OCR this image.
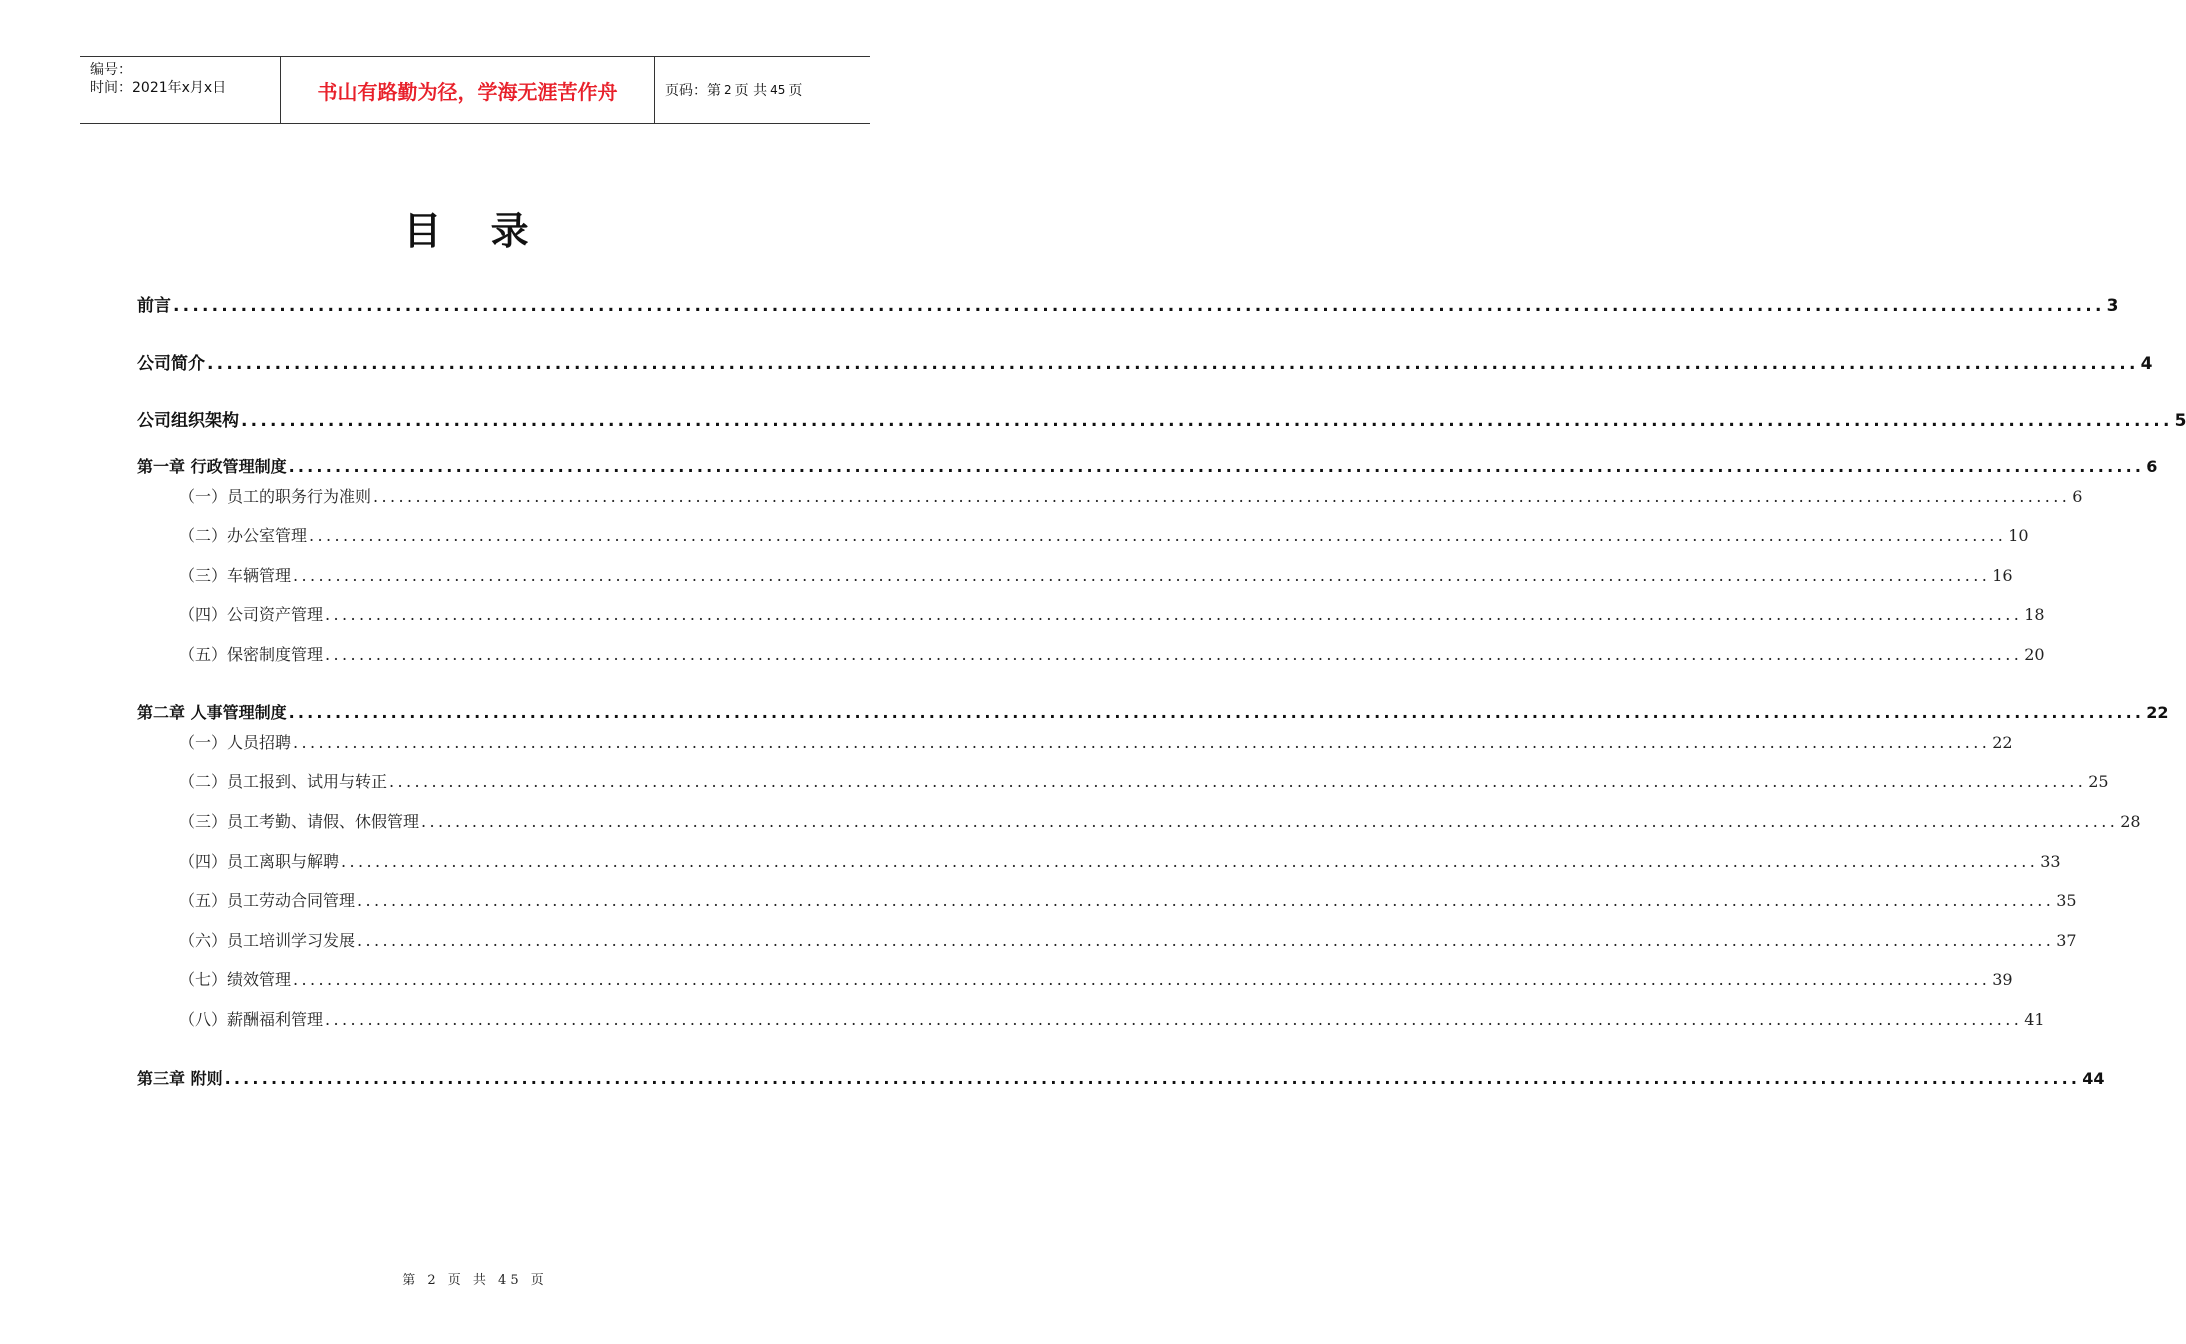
编号：
时间：2021年x月x日	书山有路勤为径，学海无涯苦作舟	页码：第 2 页 共 45 页
目 录
前言 ........................................................................................................................................................................................................ 3
公司简介 ........................................................................................................................................................................................................ 4
公司组织架构 ........................................................................................................................................................................................................ 5
第一章 行政管理制度 ........................................................................................................................................................................................................ 6
（一）员工的职务行为准则 ........................................................................................................................................................................................................ 6
（二）办公室管理 ........................................................................................................................................................................................................ 10
（三）车辆管理 ........................................................................................................................................................................................................ 16
（四）公司资产管理 ........................................................................................................................................................................................................ 18
（五）保密制度管理 ........................................................................................................................................................................................................ 20
第二章 人事管理制度 ........................................................................................................................................................................................................ 22
（一）人员招聘 ........................................................................................................................................................................................................ 22
（二）员工报到、试用与转正 ........................................................................................................................................................................................................ 25
（三）员工考勤、请假、休假管理 ........................................................................................................................................................................................................ 28
（四）员工离职与解聘 ........................................................................................................................................................................................................ 33
（五）员工劳动合同管理 ........................................................................................................................................................................................................ 35
（六）员工培训学习发展 ........................................................................................................................................................................................................ 37
（七）绩效管理 ........................................................................................................................................................................................................ 39
（八）薪酬福利管理 ........................................................................................................................................................................................................ 41
第三章 附则 ........................................................................................................................................................................................................ 44
第 2 页 共 45 页
